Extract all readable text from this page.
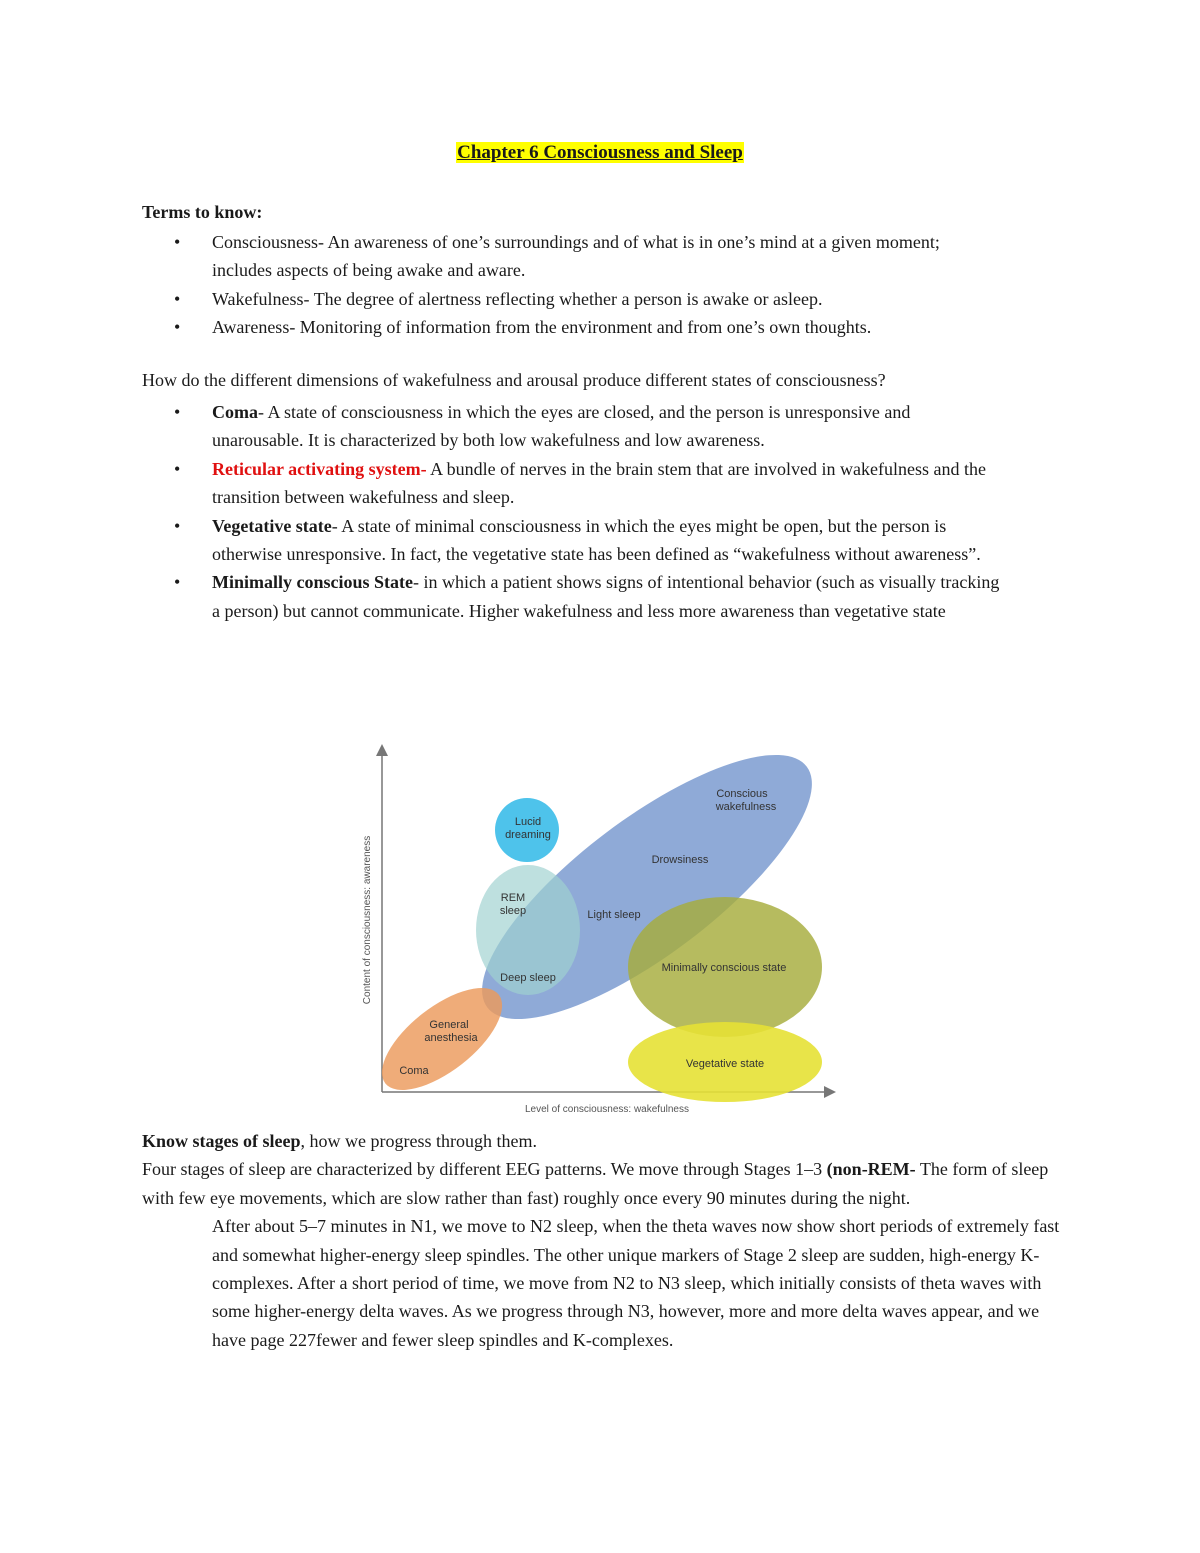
Chapter 6 Consciousness and Sleep
Terms to know:
• Consciousness- An awareness of one’s surroundings and of what is in one’s mind at a given moment; includes aspects of being awake and aware.
• Wakefulness- The degree of alertness reflecting whether a person is awake or asleep.
• Awareness- Monitoring of information from the environment and from one’s own thoughts.
How do the different dimensions of wakefulness and arousal produce different states of consciousness?
• Coma- A state of consciousness in which the eyes are closed, and the person is unresponsive and unarousable. It is characterized by both low wakefulness and low awareness.
• Reticular activating system- A bundle of nerves in the brain stem that are involved in wakefulness and the transition between wakefulness and sleep.
• Vegetative state- A state of minimal consciousness in which the eyes might be open, but the person is otherwise unresponsive. In fact, the vegetative state has been defined as “wakefulness without awareness”.
• Minimally conscious State- in which a patient shows signs of intentional behavior (such as visually tracking a person) but cannot communicate. Higher wakefulness and less more awareness than vegetative state
Lucid dreaming
Conscious wakefulness
Drowsiness
REM sleep	Light sleep
Deep sleep
Minimally conscious state
General anesthesia
Coma
Vegetative state
Content of consciousness: awareness
Level of consciousness: wakefulness

Know stages of sleep, how we progress through them.

Four stages of sleep are characterized by different EEG patterns. We move through Stages 1–3 (non-REM- The form of sleep with few eye movements, which are slow rather than fast) roughly once every 90 minutes during the night.

After about 5–7 minutes in N1, we move to N2 sleep, when the theta waves now show short periods of extremely fast and somewhat higher-energy sleep spindles. The other unique markers of Stage 2 sleep are sudden, high-energy K-complexes. After a short period of time, we move from N2 to N3 sleep, which initially consists of theta waves with some higher-energy delta waves. As we progress through N3, however, more and more delta waves appear, and we have page 227fewer and fewer sleep spindles and K-complexes.
